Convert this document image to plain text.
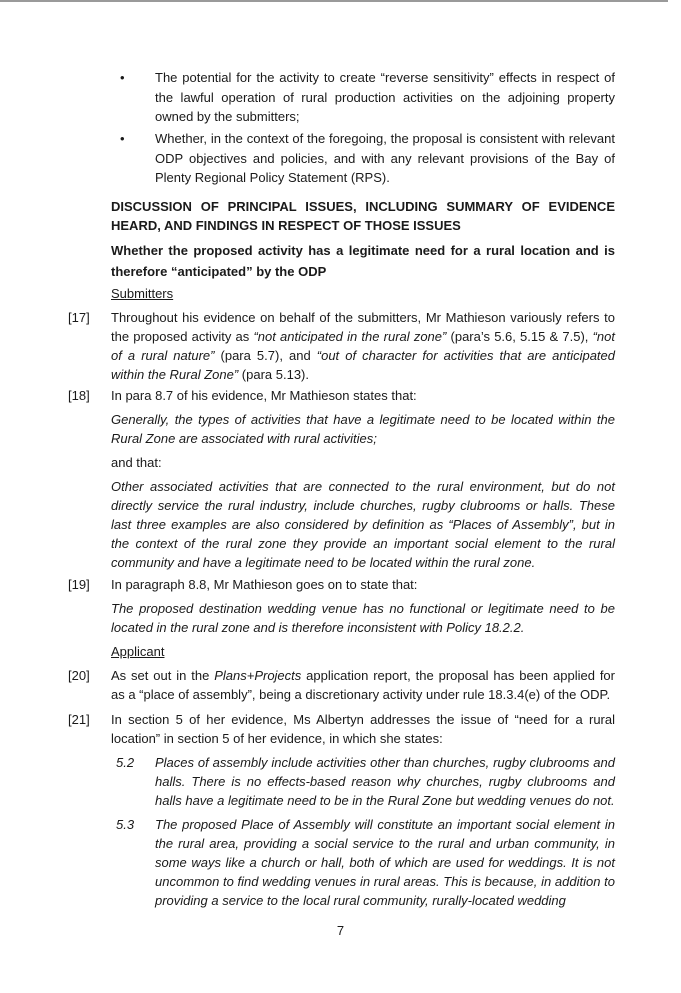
• The potential for the activity to create “reverse sensitivity” effects in respect of the lawful operation of rural production activities on the adjoining property owned by the submitters;
• Whether, in the context of the foregoing, the proposal is consistent with relevant ODP objectives and policies, and with any relevant provisions of the Bay of Plenty Regional Policy Statement (RPS).
DISCUSSION OF PRINCIPAL ISSUES, INCLUDING SUMMARY OF EVIDENCE HEARD, AND FINDINGS IN RESPECT OF THOSE ISSUES
Whether the proposed activity has a legitimate need for a rural location and is therefore “anticipated” by the ODP
Submitters
[17] Throughout his evidence on behalf of the submitters, Mr Mathieson variously refers to the proposed activity as “not anticipated in the rural zone” (para’s 5.6, 5.15 & 7.5), “not of a rural nature” (para 5.7), and “out of character for activities that are anticipated within the Rural Zone” (para 5.13).
[18] In para 8.7 of his evidence, Mr Mathieson states that:
Generally, the types of activities that have a legitimate need to be located within the Rural Zone are associated with rural activities;
and that:
Other associated activities that are connected to the rural environment, but do not directly service the rural industry, include churches, rugby clubrooms or halls. These last three examples are also considered by definition as “Places of Assembly”, but in the context of the rural zone they provide an important social element to the rural community and have a legitimate need to be located within the rural zone.
[19] In paragraph 8.8, Mr Mathieson goes on to state that:
The proposed destination wedding venue has no functional or legitimate need to be located in the rural zone and is therefore inconsistent with Policy 18.2.2.
Applicant
[20] As set out in the Plans+Projects application report, the proposal has been applied for as a “place of assembly”, being a discretionary activity under rule 18.3.4(e) of the ODP.
[21] In section 5 of her evidence, Ms Albertyn addresses the issue of “need for a rural location” in section 5 of her evidence, in which she states:
5.2 Places of assembly include activities other than churches, rugby clubrooms and halls. There is no effects-based reason why churches, rugby clubrooms and halls have a legitimate need to be in the Rural Zone but wedding venues do not.
5.3 The proposed Place of Assembly will constitute an important social element in the rural area, providing a social service to the rural and urban community, in some ways like a church or hall, both of which are used for weddings. It is not uncommon to find wedding venues in rural areas. This is because, in addition to providing a service to the local rural community, rurally-located wedding
7
